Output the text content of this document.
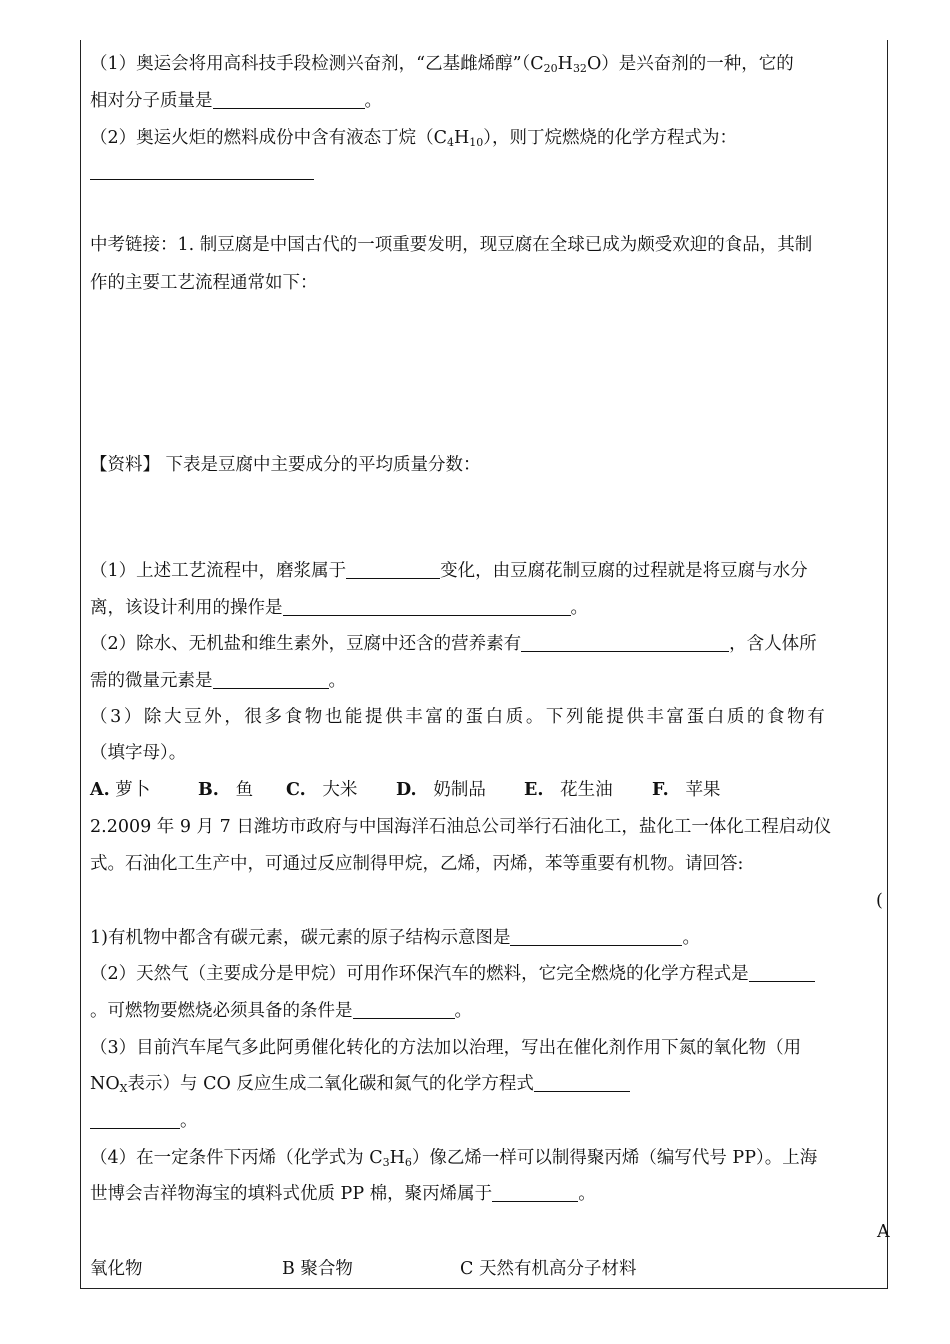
（1）奥运会将用高科技手段检测兴奋剂，“乙基雌烯醇$”(C_{20}H_{32}O)$是兴奋剂的一种，它的
相对分子质量是	。
（2）奥运火炬的燃料成份中含有液态丁烷$(C_4H_{10})$，则丁烷燃烧的化学方程式为：
中考链接：1. 制豆腐是中国古代的一项重要发明，现豆腐在全球已成为颇受欢迎的食品，其制
作的主要工艺流程通常如下：
【资料】 下表是豆腐中主要成分的平均质量分数：
（1）上述工艺流程中，磨浆属于	变化，由豆腐花制豆腐的过程就是将豆腐与水分
离，该设计利用的操作是	。
（2）除水、无机盐和维生素外，豆腐中还含的营养素有	，含人体所
需的微量元素是	。
（3）除大豆外，很多食物也能提供丰富的蛋白质。下列能提供丰富蛋白质的食物有
（填字母）。
A. 萝卜	B. 鱼 C. 大米 D. 奶制品 E. 花生油 F. 苹果
2.2009 年 9 月 7 日潍坊市政府与中国海洋石油总公司举行石油化工，盐化工一体化工程启动仪
式。石油化工生产中，可通过反应制得甲烷，乙烯，丙烯，苯等重要有机物。请回答:
(
1)有机物中都含有碳元素，碳元素的原子结构示意图是	。
（2）天然气（主要成分是甲烷）可用作环保汽车的燃料，它完全燃烧的化学方程式是
。可燃物要燃烧必须具备的条件是	。
（3）目前汽车尾气多此阿勇催化转化的方法加以治理，写出在催化剂作用下氮的氧化物（用
$NO_X$表示）与 CO 反应生成二氧化碳和氮气的化学方程式
。
（4）在一定条件下丙烯（化学式为 $C_3H_6$）像乙烯一样可以制得聚丙烯（编写代号 PP）。上海
世博会吉祥物海宝的填料式优质 PP 棉，聚丙烯属于	。
A
氧化物	B 聚合物	C 天然有机高分子材料
